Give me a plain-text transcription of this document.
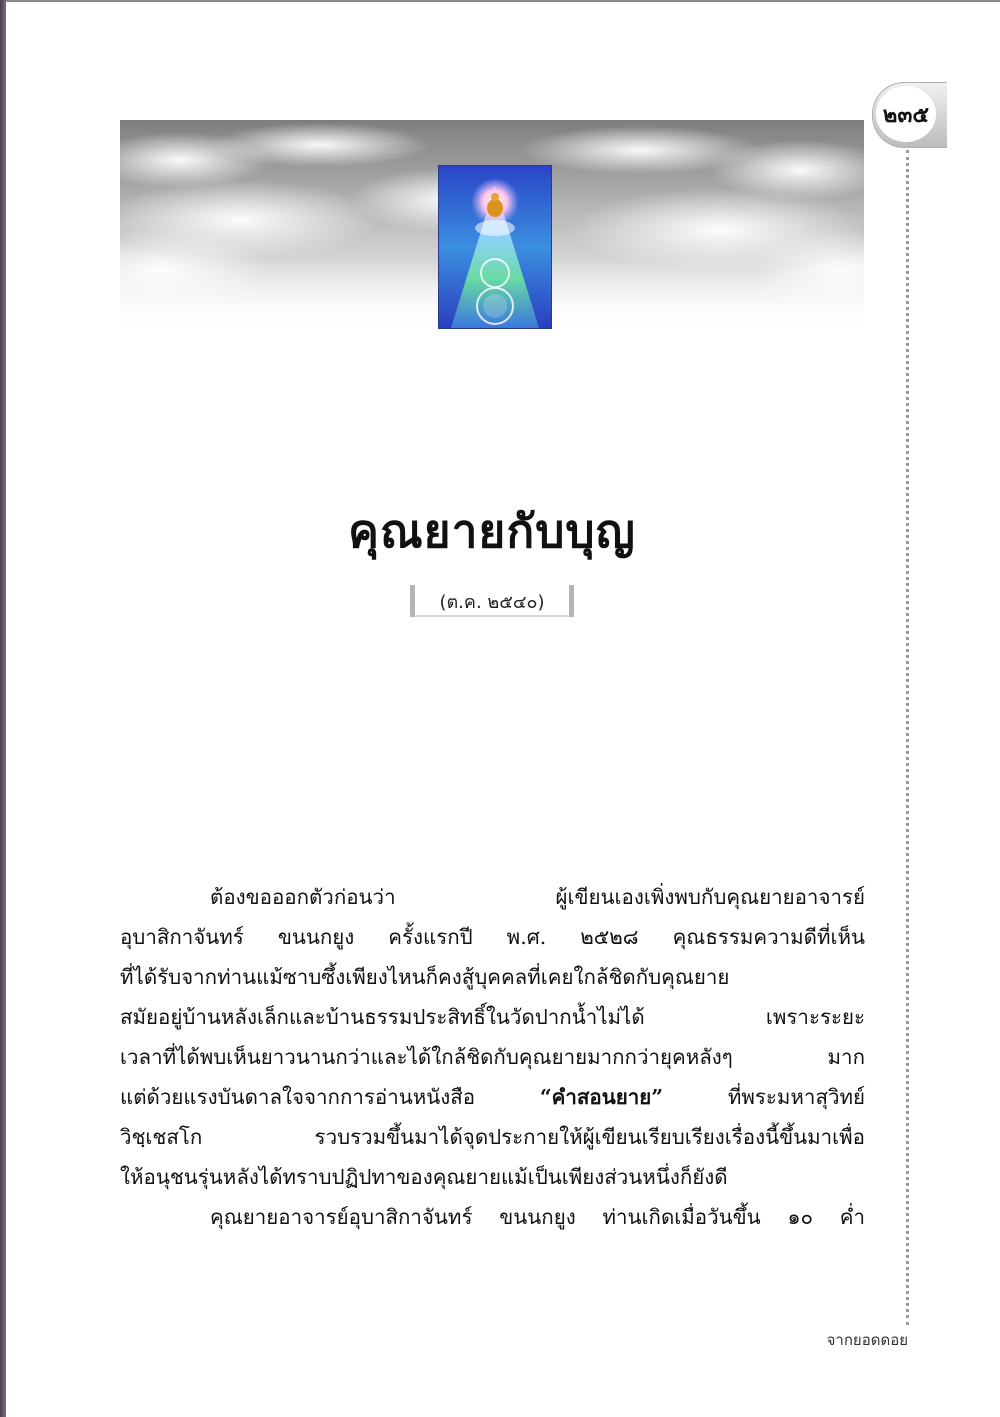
๒๓๕
คุณยายกับบุญ
(ต.ค. ๒๕๔๐)
ต้องขอออกตัวก่อนว่า ผู้เขียนเองเพิ่งพบกับคุณยายอาจารย์
อุบาสิกาจันทร์ ขนนกยูง ครั้งแรกปี พ.ศ. ๒๕๒๘ คุณธรรมความดีที่เห็น
ที่ได้รับจากท่านแม้ซาบซึ้งเพียงไหนก็คงสู้บุคคลที่เคยใกล้ชิดกับคุณยาย
สมัยอยู่บ้านหลังเล็กและบ้านธรรมประสิทธิ์ในวัดปากน้ำไม่ได้ เพราะระยะ
เวลาที่ได้พบเห็นยาวนานกว่าและได้ใกล้ชิดกับคุณยายมากกว่ายุคหลังๆ มาก
แต่ด้วยแรงบันดาลใจจากการอ่านหนังสือ “คำสอนยาย” ที่พระมหาสุวิทย์
วิชฺเชสโก รวบรวมขึ้นมาได้จุดประกายให้ผู้เขียนเรียบเรียงเรื่องนี้ขึ้นมาเพื่อ
ให้อนุชนรุ่นหลังได้ทราบปฏิปทาของคุณยายแม้เป็นเพียงส่วนหนึ่งก็ยังดี
คุณยายอาจารย์อุบาสิกาจันทร์ ขนนกยูง ท่านเกิดเมื่อวันขึ้น ๑๐ ค่ำ
จากยอดดอย
